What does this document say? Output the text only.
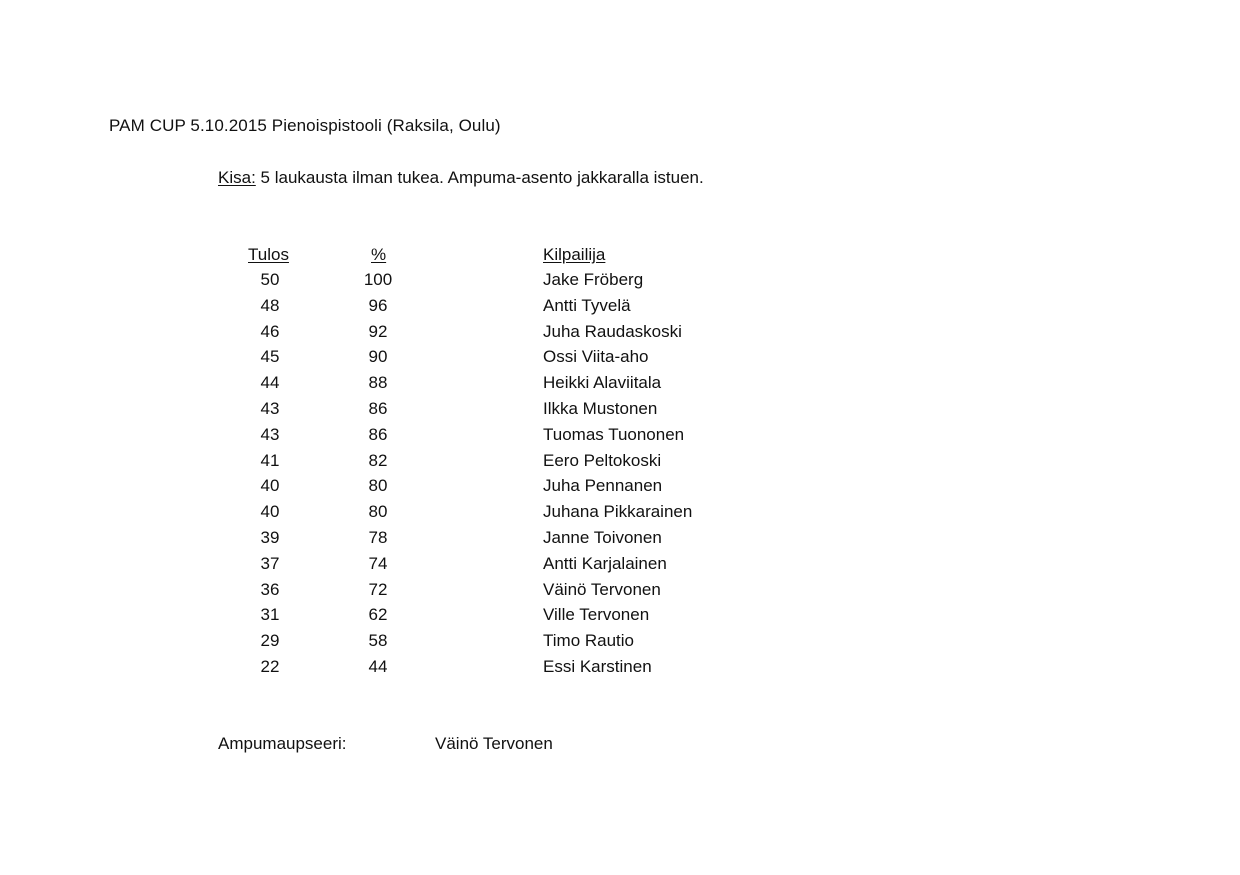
PAM CUP 5.10.2015 Pienoispistooli (Raksila, Oulu)
Kisa: 5 laukausta ilman tukea. Ampuma-asento jakkaralla istuen.
Tulos	%	Kilpailija
50	100	Jake Fröberg
48	96	Antti Tyvelä
46	92	Juha Raudaskoski
45	90	Ossi Viita-aho
44	88	Heikki Alaviitala
43	86	Ilkka Mustonen
43	86	Tuomas Tuononen
41	82	Eero Peltokoski
40	80	Juha Pennanen
40	80	Juhana Pikkarainen
39	78	Janne Toivonen
37	74	Antti Karjalainen
36	72	Väinö Tervonen
31	62	Ville Tervonen
29	58	Timo Rautio
22	44	Essi Karstinen
Ampumaupseeri:	Väinö Tervonen
